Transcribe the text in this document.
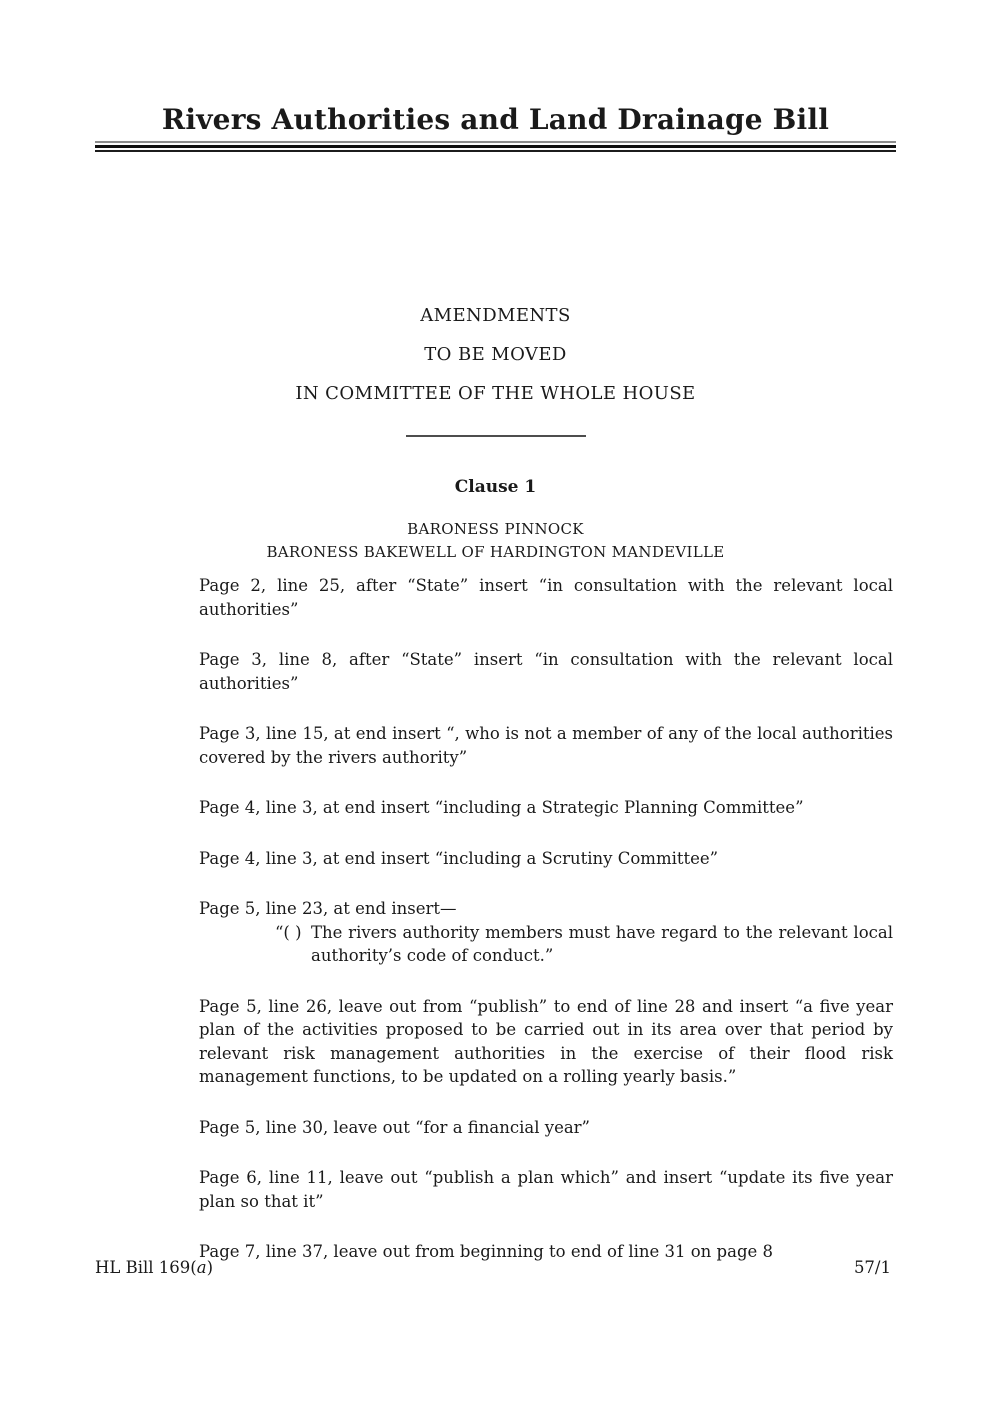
Rivers Authorities and Land Drainage Bill
AMENDMENTS
TO BE MOVED
IN COMMITTEE OF THE WHOLE HOUSE
Clause 1
BARONESS PINNOCK
BARONESS BAKEWELL OF HARDINGTON MANDEVILLE

Page 2, line 25, after “State” insert “in consultation with the relevant local authorities”

Page 3, line 8, after “State” insert “in consultation with the relevant local authorities”

Page 3, line 15, at end insert “, who is not a member of any of the local authorities covered by the rivers authority”

Page 4, line 3, at end insert “including a Strategic Planning Committee”

Page 4, line 3, at end insert “including a Scrutiny Committee”

Page 5, line 23, at end insert—

“( ) The rivers authority members must have regard to the relevant local authority’s code of conduct.”

Page 5, line 26, leave out from “publish” to end of line 28 and insert “a five year plan of the activities proposed to be carried out in its area over that period by relevant risk management authorities in the exercise of their flood risk management functions, to be updated on a rolling yearly basis.”

Page 5, line 30, leave out “for a financial year”

Page 6, line 11, leave out “publish a plan which” and insert “update its five year plan so that it”

Page 7, line 37, leave out from beginning to end of line 31 on page 8

HL Bill 169(a)	57/1
